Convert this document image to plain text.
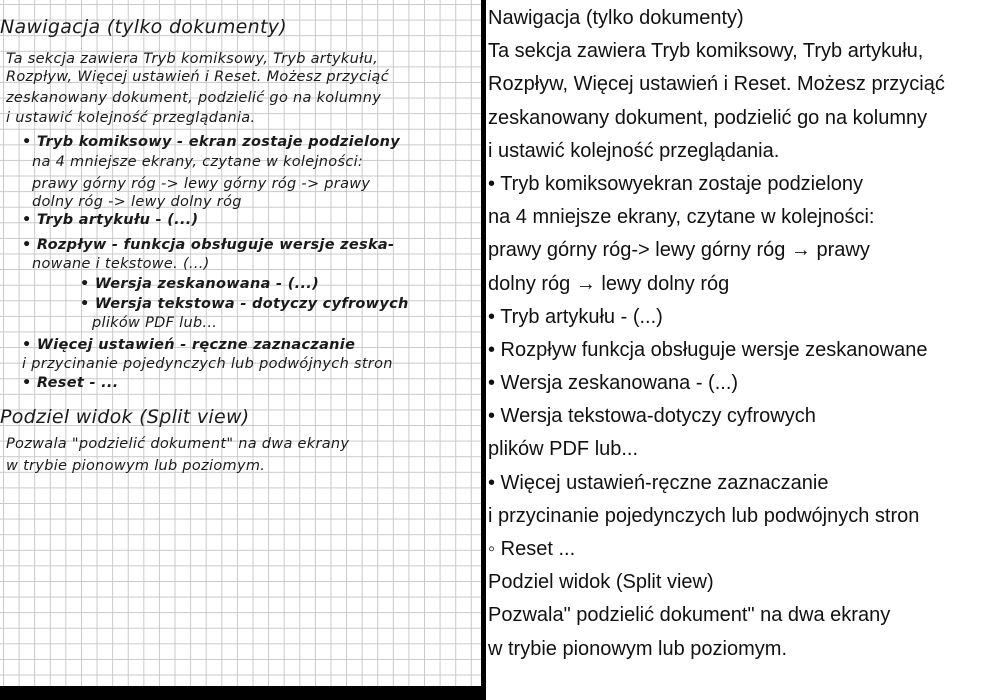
Nawigacja (tylko dokumenty)
Ta sekcja zawiera Tryb komiksowy, Tryb artykułu,
Rozpływ, Więcej ustawień i Reset. Możesz przyciąć
zeskanowany dokument, podzielić go na kolumny
i ustawić kolejność przeglądania.
• Tryb komiksowy - ekran zostaje podzielony
na 4 mniejsze ekrany, czytane w kolejności:
prawy górny róg -> lewy górny róg -> prawy
dolny róg -> lewy dolny róg
• Tryb artykułu - (...)
• Rozpływ - funkcja obsługuje wersje zeska-
nowane i tekstowe. (...)
• Wersja zeskanowana - (...)
• Wersja tekstowa - dotyczy cyfrowych
plików PDF lub...
• Więcej ustawień - ręczne zaznaczanie
i przycinanie pojedynczych lub podwójnych stron
• Reset - ...
Podziel widok (Split view)
Pozwala "podzielić dokument" na dwa ekrany
w trybie pionowym lub poziomym.
Nawigacja (tylko dokumenty)
Ta sekcja zawiera Tryb komiksowy, Tryb artykułu,
Rozpływ, Więcej ustawień i Reset. Możesz przyciąć
zeskanowany dokument, podzielić go na kolumny
i ustawić kolejność przeglądania.
• Tryb komiksowyekran zostaje podzielony
na 4 mniejsze ekrany, czytane w kolejności:
prawy górny róg-> lewy górny róg → prawy
dolny róg → lewy dolny róg
• Tryb artykułu - (...)
• Rozpływ funkcja obsługuje wersje zeskanowane
• Wersja zeskanowana - (...)
• Wersja tekstowa-dotyczy cyfrowych
plików PDF lub...
• Więcej ustawień-ręczne zaznaczanie
i przycinanie pojedynczych lub podwójnych stron
◦ Reset ...
Podziel widok (Split view)
Pozwala" podzielić dokument" na dwa ekrany
w trybie pionowym lub poziomym.
